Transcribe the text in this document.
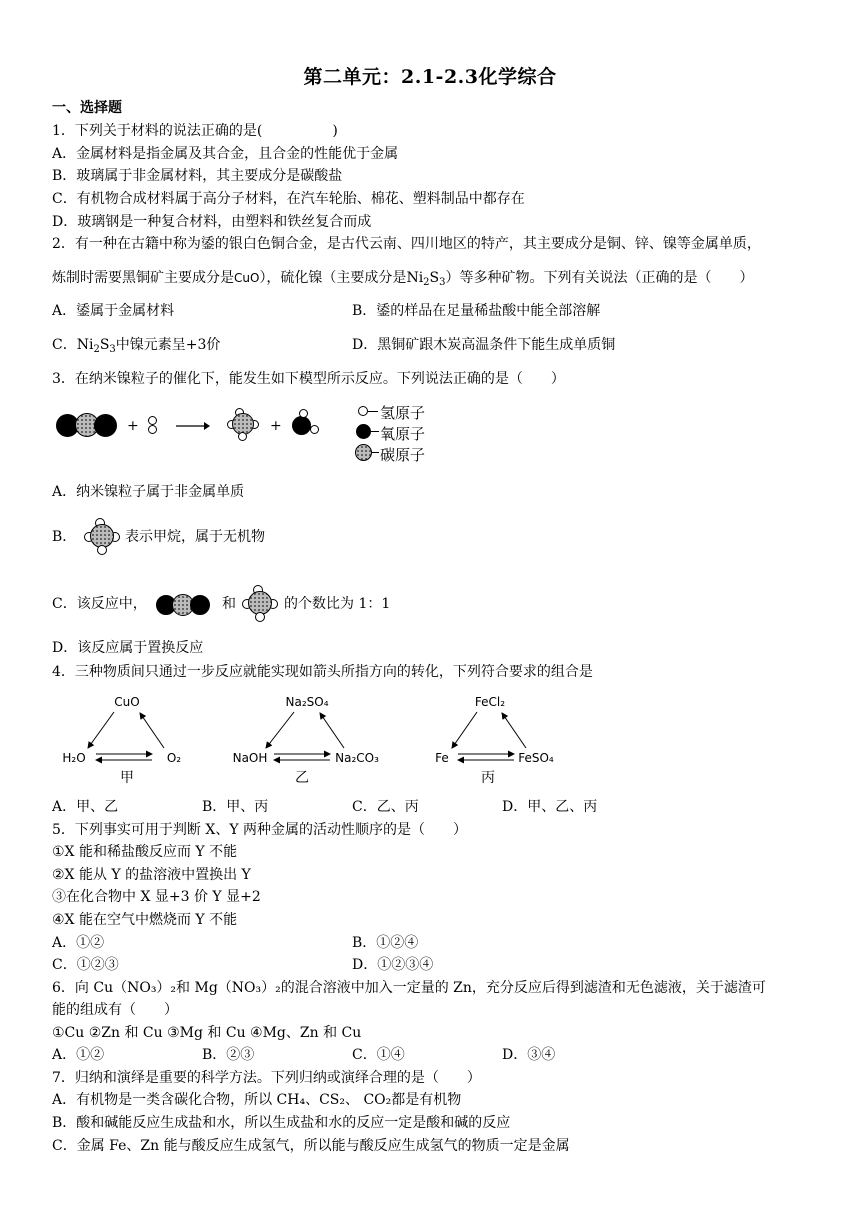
第二单元：2.1-2.3化学综合
一、选择题
1．下列关于材料的说法正确的是(　　　　　)
A．金属材料是指金属及其合金，且合金的性能优于金属
B．玻璃属于非金属材料，其主要成分是碳酸盐
C．有机物合成材料属于高分子材料，在汽车轮胎、棉花、塑料制品中都存在
D．玻璃钢是一种复合材料，由塑料和铁丝复合而成
2．有一种在古籍中称为鋈的银白色铜合金，是古代云南、四川地区的特产，其主要成分是铜、锌、镍等金属单质，
炼制时需要黑铜矿主要成分是CuO），硫化镍（主要成分是$Ni_2S_3$）等多种矿物。下列有关说法（正确的是（　　）
A．鋈属于金属材料	B．鋈的样品在足量稀盐酸中能全部溶解
C．$Ni_2S_3$中镍元素呈+3价	D．黑铜矿跟木炭高温条件下能生成单质铜
3．在纳米镍粒子的催化下，能发生如下模型所示反应。下列说法正确的是（　　）
+	+
氢原子
氧原子
碳原子
A．纳米镍粒子属于非金属单质
B．	表示甲烷，属于无机物
C．该反应中，	和	的个数比为 1：1
D．该反应属于置换反应
4．三种物质间只通过一步反应就能实现如箭头所指方向的转化，下列符合要求的组合是
CuO
H₂O	O₂
甲
Na₂SO₄
NaOH	Na₂CO₃
乙
FeCl₂
Fe	FeSO₄
丙
A．甲、乙	B．甲、丙	C．乙、丙	D．甲、乙、丙
5．下列事实可用于判断 X、Y 两种金属的活动性顺序的是（　　）
①X 能和稀盐酸反应而 Y 不能
②X 能从 Y 的盐溶液中置换出 Y
③在化合物中 X 显+3 价 Y 显+2
④X 能在空气中燃烧而 Y 不能
A．①②	B．①②④
C．①②③	D．①②③④
6．向 Cu（NO₃）₂和 Mg（NO₃）₂的混合溶液中加入一定量的 Zn，充分反应后得到滤渣和无色滤液，关于滤渣可
能的组成有（　　）
①Cu ②Zn 和 Cu ③Mg 和 Cu ④Mg、Zn 和 Cu
A．①②	B．②③	C．①④	D．③④
7．归纳和演绎是重要的科学方法。下列归纳或演绎合理的是（　　）
A．有机物是一类含碳化合物，所以 CH₄、CS₂、 CO₂都是有机物
B．酸和碱能反应生成盐和水，所以生成盐和水的反应一定是酸和碱的反应
C．金属 Fe、Zn 能与酸反应生成氢气，所以能与酸反应生成氢气的物质一定是金属
